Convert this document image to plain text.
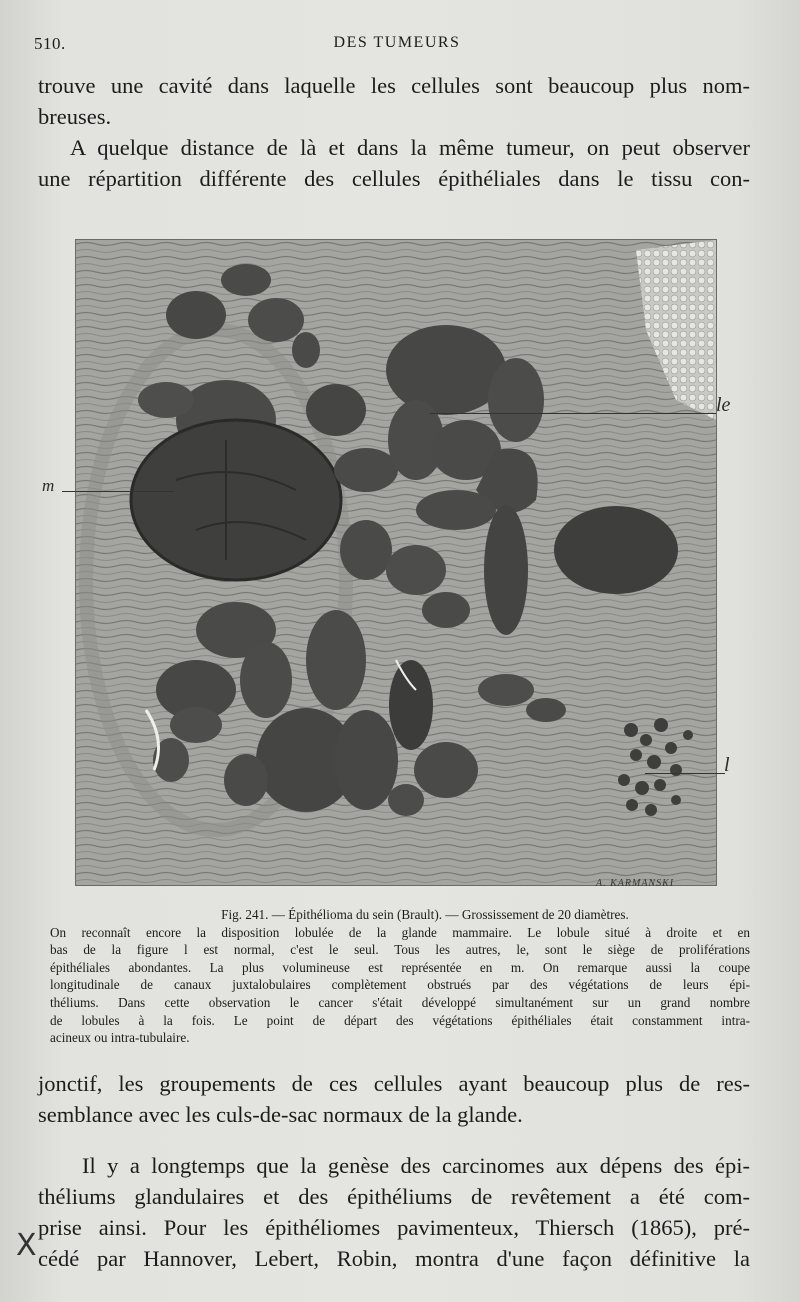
510.	DES TUMEURS
trouve une cavité dans laquelle les cellules sont beaucoup plus nom-
breuses.
A quelque distance de là et dans la même tumeur, on peut observer
une répartition différente des cellules épithéliales dans le tissu con-
le
m
l
A. KARMANSKI
Fig. 241. — Épithélioma du sein (Brault). — Grossissement de 20 diamètres.
On reconnaît encore la disposition lobulée de la glande mammaire. Le lobule situé à droite et en
bas de la figure l est normal, c'est le seul. Tous les autres, le, sont le siège de proliférations
épithéliales abondantes. La plus volumineuse est représentée en m. On remarque aussi la coupe
longitudinale de canaux juxtalobulaires complètement obstrués par des végétations de leurs épi-
théliums. Dans cette observation le cancer s'était développé simultanément sur un grand nombre
de lobules à la fois. Le point de départ des végétations épithéliales était constamment intra-
acineux ou intra-tubulaire.
jonctif, les groupements de ces cellules ayant beaucoup plus de res-
semblance avec les culs-de-sac normaux de la glande.
Il y a longtemps que la genèse des carcinomes aux dépens des épi-
théliums glandulaires et des épithéliums de revêtement a été com-
prise ainsi. Pour les épithéliomes pavimenteux, Thiersch (1865), pré-
cédé par Hannover, Lebert, Robin, montra d'une façon définitive la
X
